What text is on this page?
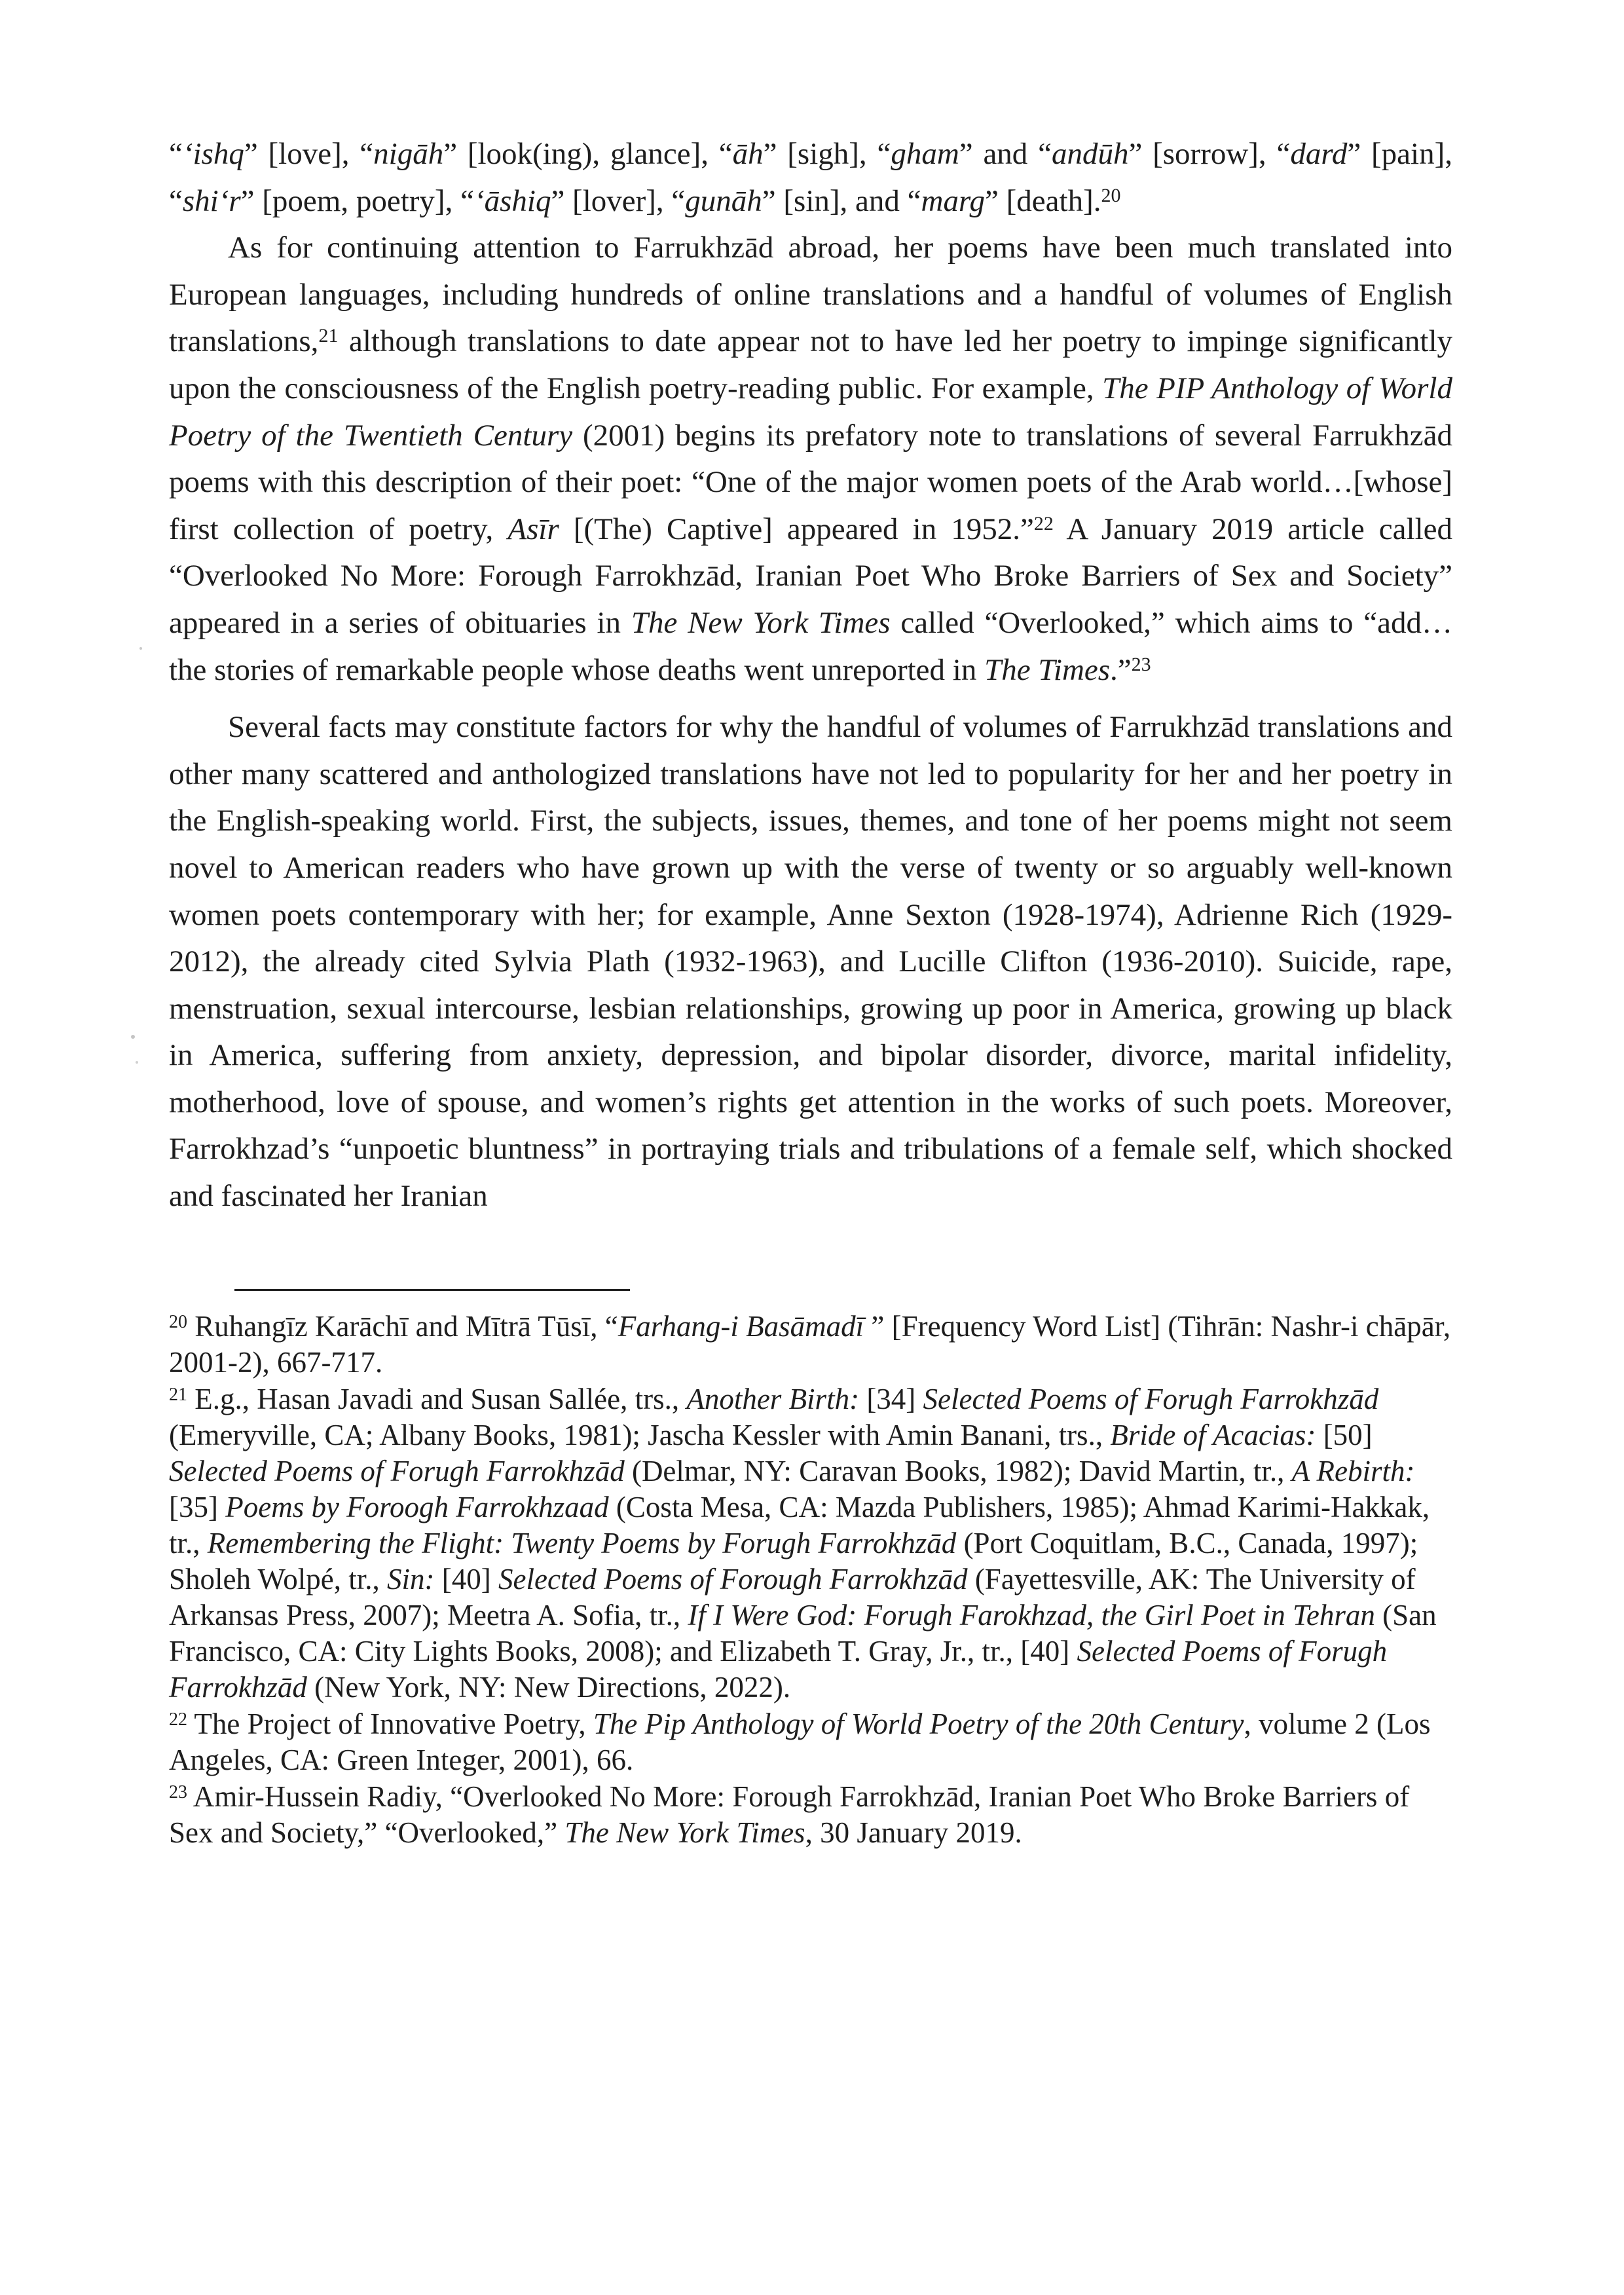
“‘ishq” [love], “nigāh” [look(ing), glance], “āh” [sigh], “gham” and “andūh” [sorrow], “dard” [pain], “shi‘r” [poem, poetry], “‘āshiq” [lover], “gunāh” [sin], and “marg” [death].$^{20}$

As for continuing attention to Farrukhzād abroad, her poems have been much translated into European languages, including hundreds of online translations and a handful of volumes of English translations,$^{21}$ although translations to date appear not to have led her poetry to impinge significantly upon the consciousness of the English poetry-reading public. For example, The PIP Anthology of World Poetry of the Twentieth Century (2001) begins its prefatory note to translations of several Farrukhzād poems with this description of their poet: “One of the major women poets of the Arab world…[whose] first collection of poetry, Asīr [(The) Captive] appeared in 1952.”$^{22}$ A January 2019 article called “Overlooked No More: Forough Farrokhzād, Iranian Poet Who Broke Barriers of Sex and Society” appeared in a series of obituaries in The New York Times called “Overlooked,” which aims to “add… the stories of remarkable people whose deaths went unreported in The Times.”$^{23}$

Several facts may constitute factors for why the handful of volumes of Farrukhzād translations and other many scattered and anthologized translations have not led to popularity for her and her poetry in the English-speaking world. First, the subjects, issues, themes, and tone of her poems might not seem novel to American readers who have grown up with the verse of twenty or so arguably well-known women poets contemporary with her; for example, Anne Sexton (1928-1974), Adrienne Rich (1929-2012), the already cited Sylvia Plath (1932-1963), and Lucille Clifton (1936-2010). Suicide, rape, menstruation, sexual intercourse, lesbian relationships, growing up poor in America, growing up black in America, suffering from anxiety, depression, and bipolar disorder, divorce, marital infidelity, motherhood, love of spouse, and women’s rights get attention in the works of such poets. Moreover, Farrokhzad’s “unpoetic bluntness” in portraying trials and tribulations of a female self, which shocked and fascinated her Iranian

$^{20}$ Ruhangīz Karāchī and Mītrā Tūsī, “Farhang-i Basāmadī ” [Frequency Word List] (Tihrān: Nashr-i chāpār, 2001-2), 667-717.

$^{21}$ E.g., Hasan Javadi and Susan Sallée, trs., Another Birth: [34] Selected Poems of Forugh Farrokhzād (Emeryville, CA; Albany Books, 1981); Jascha Kessler with Amin Banani, trs., Bride of Acacias: [50] Selected Poems of Forugh Farrokhzād (Delmar, NY: Caravan Books, 1982); David Martin, tr., A Rebirth: [35] Poems by Foroogh Farrokhzaad (Costa Mesa, CA: Mazda Publishers, 1985); Ahmad Karimi-Hakkak, tr., Remembering the Flight: Twenty Poems by Forugh Farrokhzād (Port Coquitlam, B.C., Canada, 1997); Sholeh Wolpé, tr., Sin: [40] Selected Poems of Forough Farrokhzād (Fayettesville, AK: The University of Arkansas Press, 2007); Meetra A. Sofia, tr., If I Were God: Forugh Farokhzad, the Girl Poet in Tehran (San Francisco, CA: City Lights Books, 2008); and Elizabeth T. Gray, Jr., tr., [40] Selected Poems of Forugh Farrokhzād (New York, NY: New Directions, 2022).

$^{22}$ The Project of Innovative Poetry, The Pip Anthology of World Poetry of the 20th Century, volume 2 (Los Angeles, CA: Green Integer, 2001), 66.

$^{23}$ Amir-Hussein Radiy, “Overlooked No More: Forough Farrokhzād, Iranian Poet Who Broke Barriers of Sex and Society,” “Overlooked,” The New York Times, 30 January 2019.
